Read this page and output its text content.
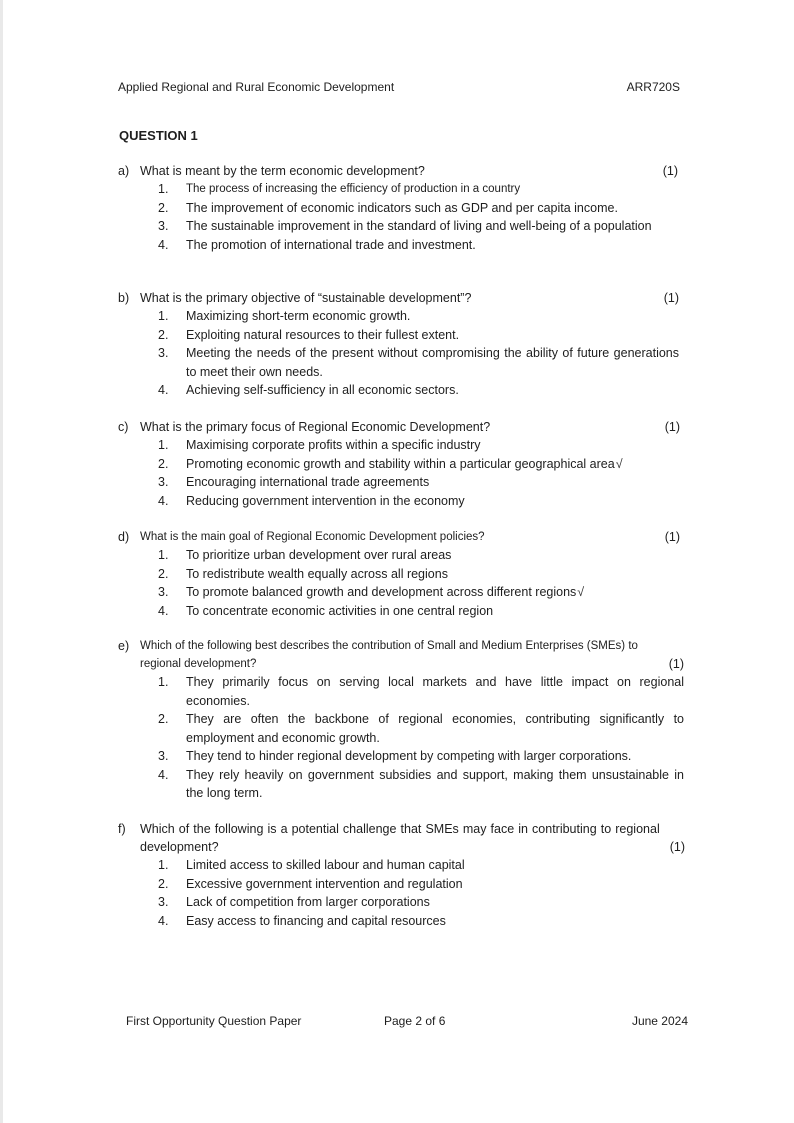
Applied Regional and Rural Economic Development	ARR720S
QUESTION 1
a) What is meant by the term economic development?	(1)
1.	The process of increasing the efficiency of production in a country
2.	The improvement of economic indicators such as GDP and per capita income.
3.	The sustainable improvement in the standard of living and well-being of a population
4.	The promotion of international trade and investment.
b) What is the primary objective of “sustainable development”?	(1)
1.	Maximizing short-term economic growth.
2.	Exploiting natural resources to their fullest extent.
3.	Meeting the needs of the present without compromising the ability of future generations to meet their own needs.
4.	Achieving self-sufficiency in all economic sectors.
c) What is the primary focus of Regional Economic Development?	(1)
1.	Maximising corporate profits within a specific industry
2.	Promoting economic growth and stability within a particular geographical area√
3.	Encouraging international trade agreements
4.	Reducing government intervention in the economy
d) What is the main goal of Regional Economic Development policies?	(1)
1.	To prioritize urban development over rural areas
2.	To redistribute wealth equally across all regions
3.	To promote balanced growth and development across different regions√
4.	To concentrate economic activities in one central region
e) Which of the following best describes the contribution of Small and Medium Enterprises (SMEs) to regional development?	(1)
1.	They primarily focus on serving local markets and have little impact on regional economies.
2.	They are often the backbone of regional economies, contributing significantly to employment and economic growth.
3.	They tend to hinder regional development by competing with larger corporations.
4.	They rely heavily on government subsidies and support, making them unsustainable in the long term.
f)	Which of the following is a potential challenge that SMEs may face in contributing to regional development?	(1)
1.	Limited access to skilled labour and human capital
2.	Excessive government intervention and regulation
3.	Lack of competition from larger corporations
4.	Easy access to financing and capital resources
First Opportunity Question Paper	Page 2 of 6	June 2024
